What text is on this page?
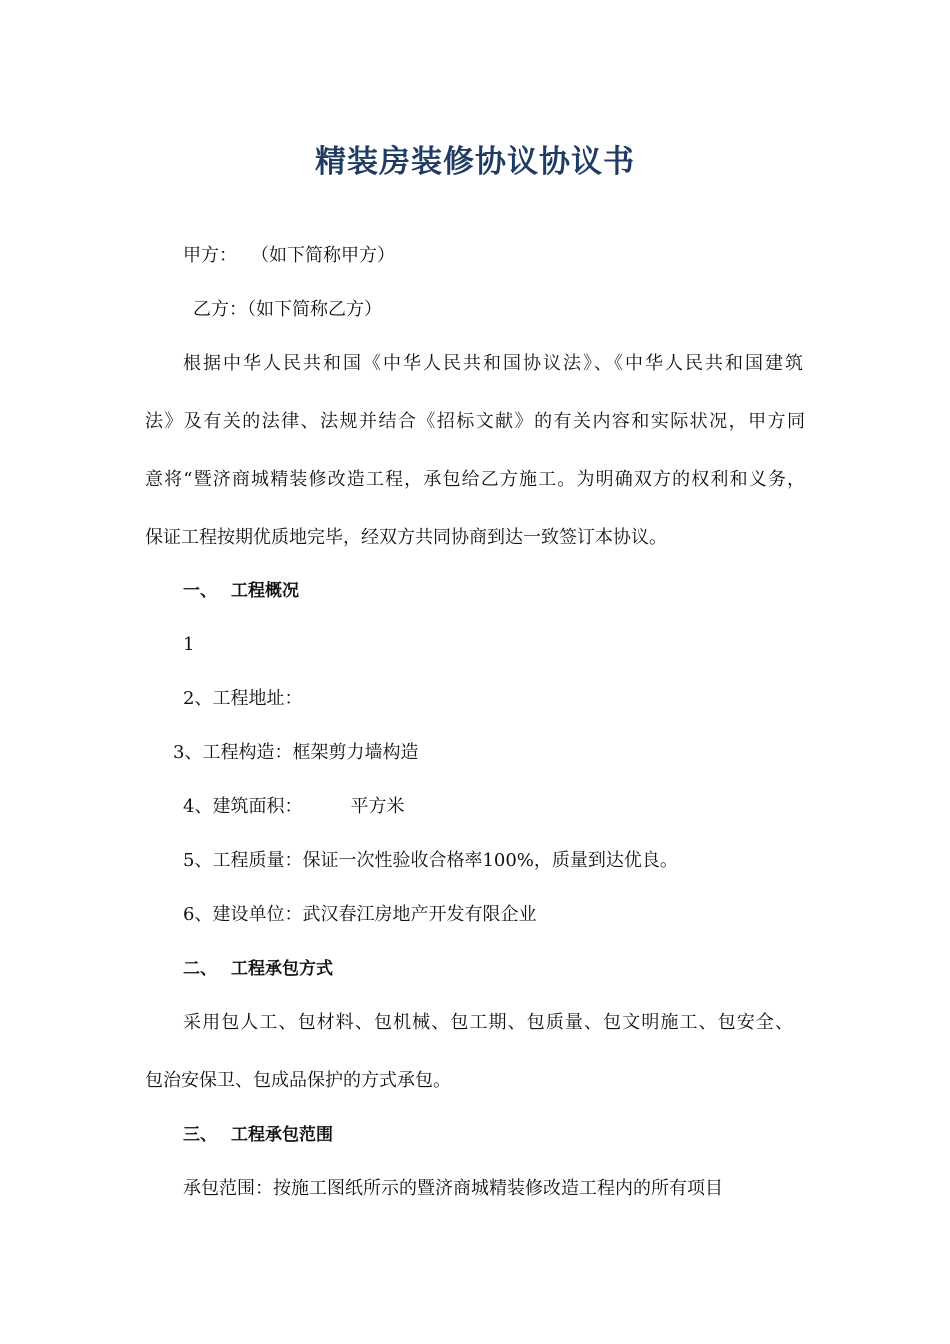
精装房装修协议协议书
甲方： （如下简称甲方）
乙方：（如下简称乙方）
根据中华人民共和国《中华人民共和国协议法》、《中华人民共和国建筑
法》及有关的法律、法规并结合《招标文献》的有关内容和实际状况，甲方同
意将“暨济商城精装修改造工程，承包给乙方施工。为明确双方的权利和义务，
保证工程按期优质地完毕，经双方共同协商到达一致签订本协议。
一、 工程概况
1
2、工程地址：
3、工程构造：框架剪力墙构造
4、建筑面积：	平方米
5、工程质量：保证一次性验收合格率100%，质量到达优良。
6、建设单位：武汉春江房地产开发有限企业
二、 工程承包方式
采用包人工、包材料、包机械、包工期、包质量、包文明施工、包安全、
包治安保卫、包成品保护的方式承包。
三、 工程承包范围
承包范围：按施工图纸所示的暨济商城精装修改造工程内的所有项目
